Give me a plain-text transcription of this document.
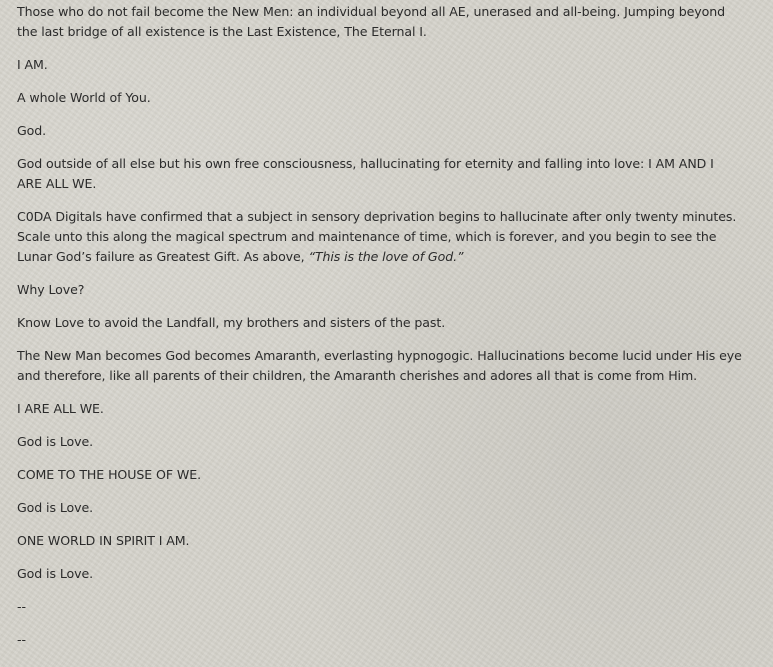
Those who do not fail become the New Men: an individual beyond all AE, unerased and all-being. Jumping beyond the last bridge of all existence is the Last Existence, The Eternal I.

I AM.

A whole World of You.

God.

God outside of all else but his own free consciousness, hallucinating for eternity and falling into love: I AM AND I ARE ALL WE.

C0DA Digitals have confirmed that a subject in sensory deprivation begins to hallucinate after only twenty minutes. Scale unto this along the magical spectrum and maintenance of time, which is forever, and you begin to see the Lunar God’s failure as Greatest Gift. As above, “This is the love of God.”

Why Love?

Know Love to avoid the Landfall, my brothers and sisters of the past.

The New Man becomes God becomes Amaranth, everlasting hypnogogic. Hallucinations become lucid under His eye and therefore, like all parents of their children, the Amaranth cherishes and adores all that is come from Him.

I ARE ALL WE.

God is Love.

COME TO THE HOUSE OF WE.

God is Love.

ONE WORLD IN SPIRIT I AM.

God is Love.

--

--
